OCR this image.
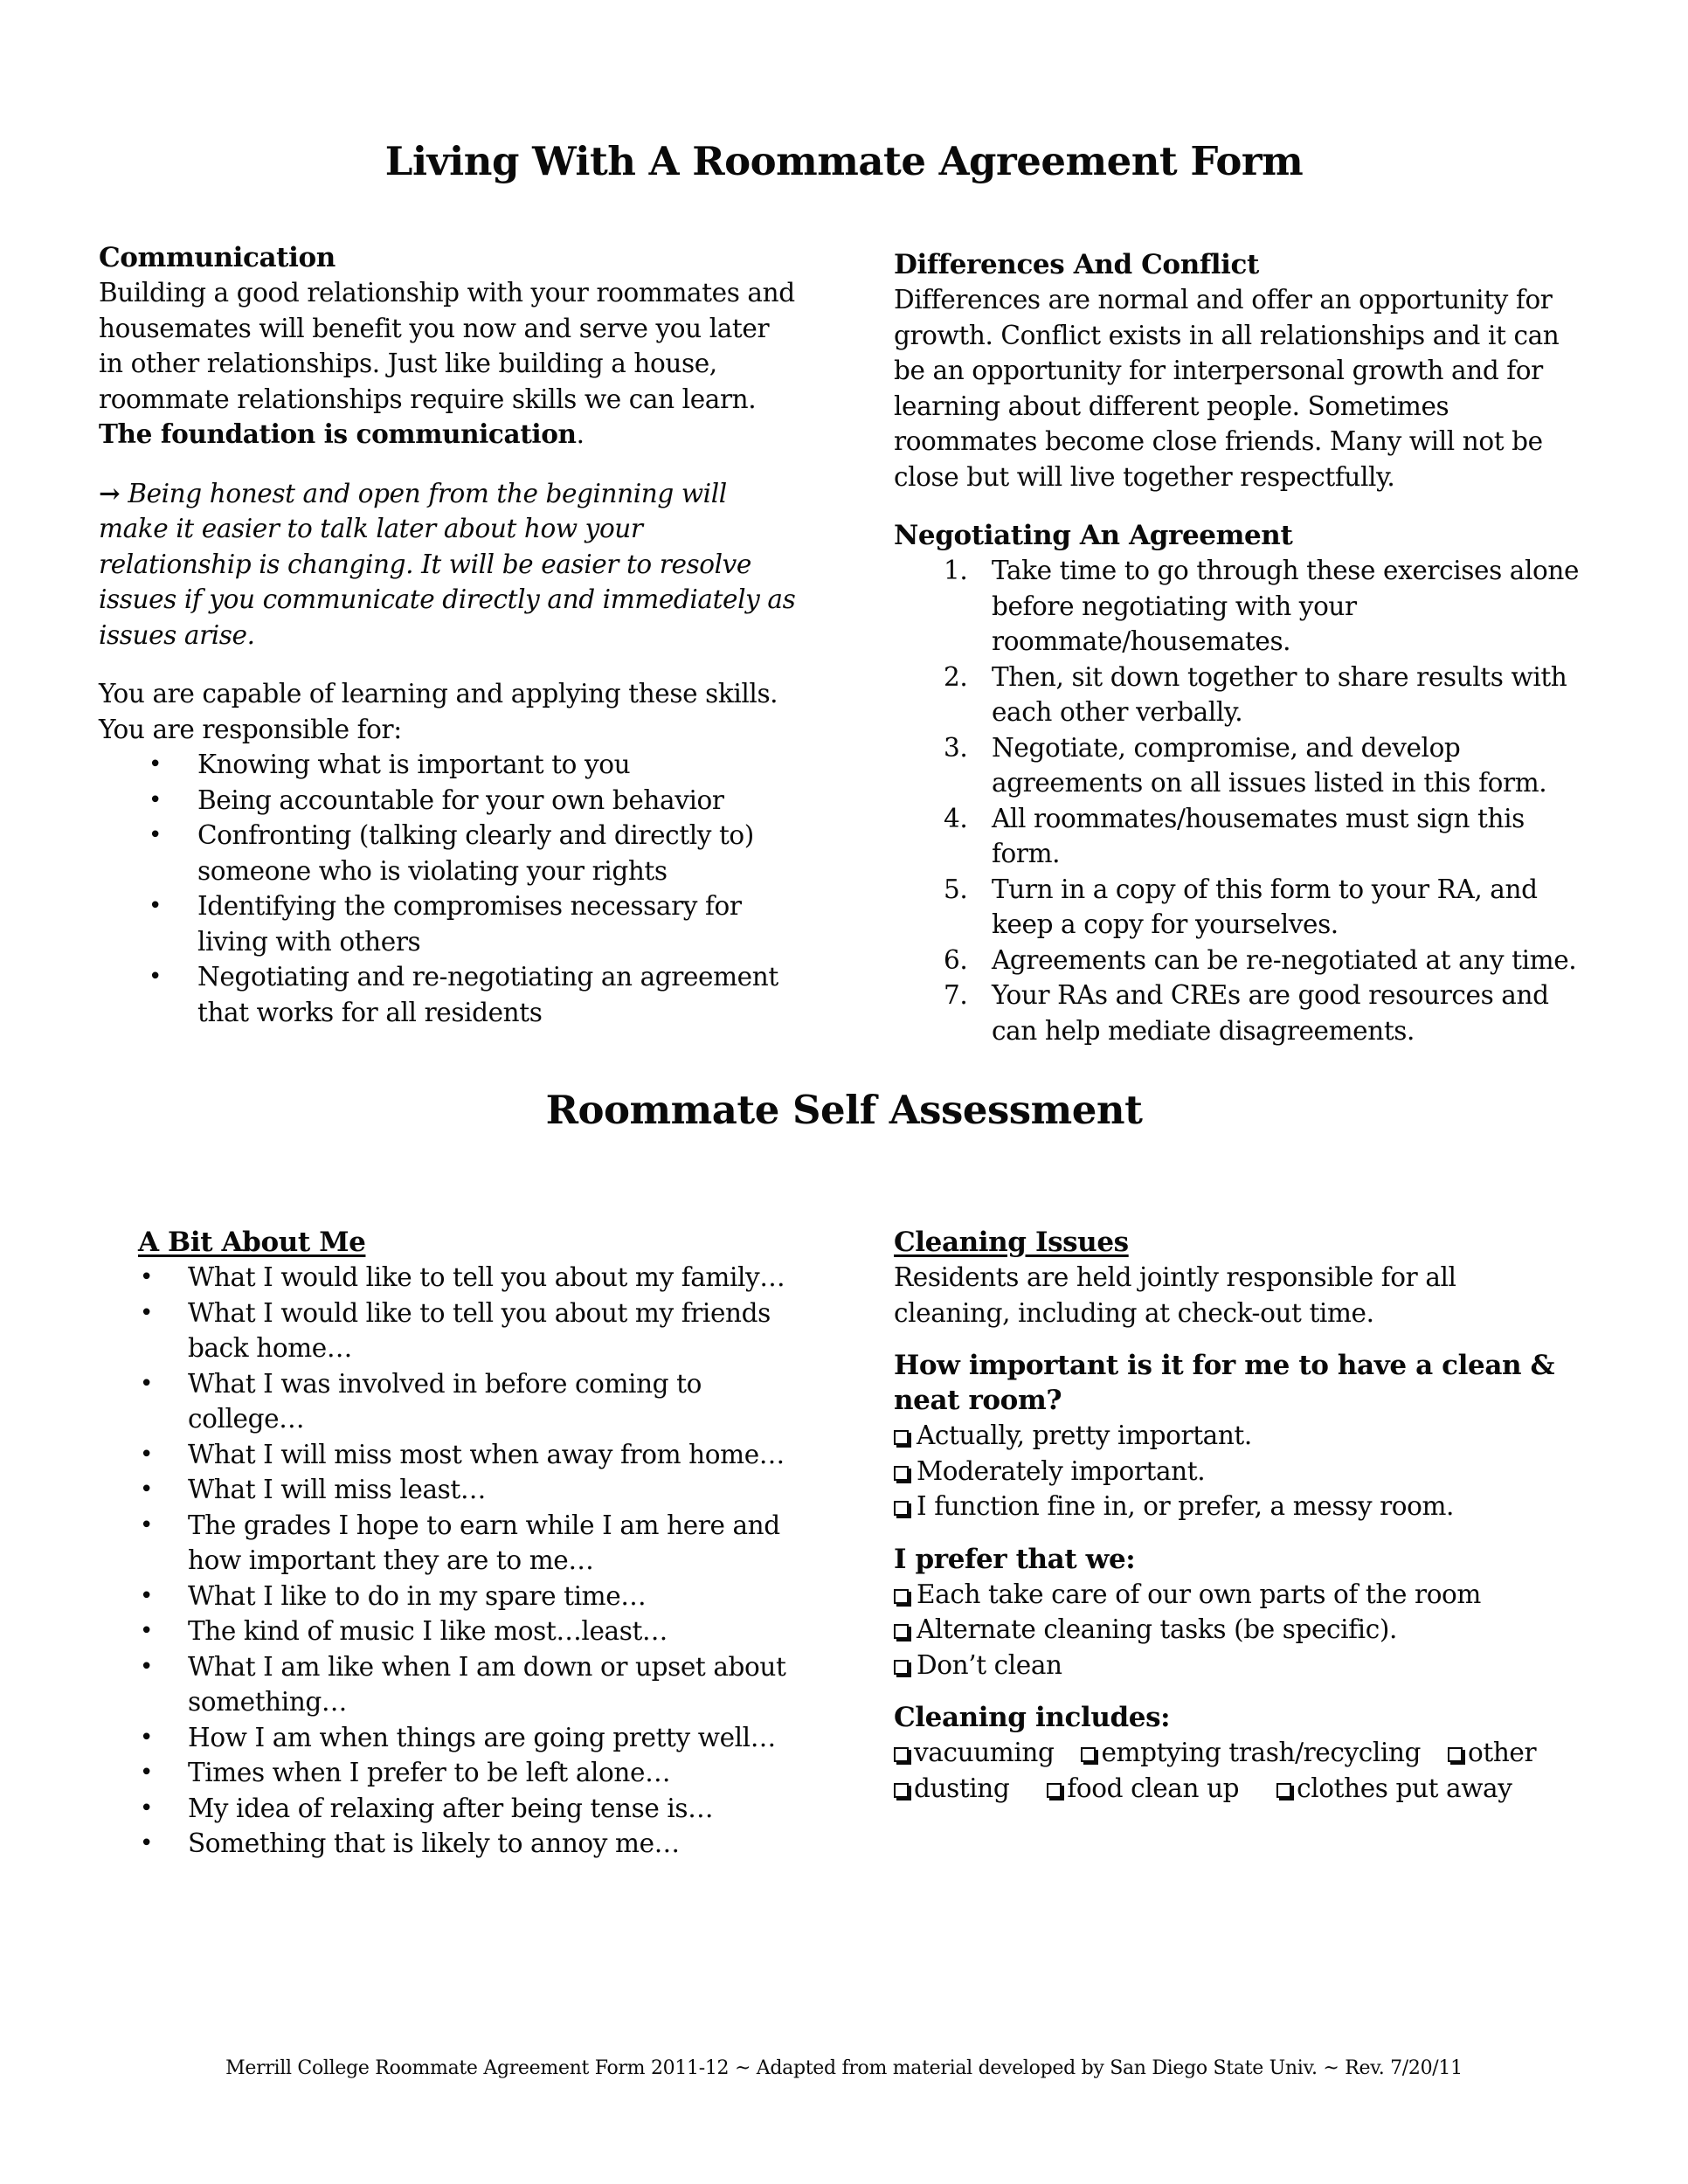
Living With A Roommate Agreement Form
Communication

Building a good relationship with your roommates and housemates will benefit you now and serve you later in other relationships. Just like building a house, roommate relationships require skills we can learn. The foundation is communication.

→ Being honest and open from the beginning will make it easier to talk later about how your relationship is changing. It will be easier to resolve issues if you communicate directly and immediately as issues arise.

You are capable of learning and applying these skills.

You are responsible for:

• Knowing what is important to you
• Being accountable for your own behavior
• Confronting (talking clearly and directly to) someone who is violating your rights
• Identifying the compromises necessary for living with others
• Negotiating and re-negotiating an agreement that works for all residents
Differences And Conflict

Differences are normal and offer an opportunity for growth. Conflict exists in all relationships and it can be an opportunity for interpersonal growth and for learning about different people. Sometimes roommates become close friends. Many will not be close but will live together respectfully.

Negotiating An Agreement
1. Take time to go through these exercises alone before negotiating with your roommate/housemates.
2. Then, sit down together to share results with each other verbally.
3. Negotiate, compromise, and develop agreements on all issues listed in this form.
4. All roommates/housemates must sign this form.
5. Turn in a copy of this form to your RA, and keep a copy for yourselves.
6. Agreements can be re-negotiated at any time.
7. Your RAs and CREs are good resources and can help mediate disagreements.
Roommate Self Assessment
A Bit About Me
• What I would like to tell you about my family…
• What I would like to tell you about my friends back home…
• What I was involved in before coming to college…
• What I will miss most when away from home…
• What I will miss least…
• The grades I hope to earn while I am here and how important they are to me…
• What I like to do in my spare time…
• The kind of music I like most…least…
• What I am like when I am down or upset about something…
• How I am when things are going pretty well…
• Times when I prefer to be left alone…
• My idea of relaxing after being tense is…
• Something that is likely to annoy me…
Cleaning Issues

Residents are held jointly responsible for all cleaning, including at check-out time.

How important is it for me to have a clean & neat room?
Actually, pretty important.
Moderately important.
I function fine in, or prefer, a messy room.
I prefer that we:
Each take care of our own parts of the room
Alternate cleaning tasks (be specific).
Don’t clean
Cleaning includes:
vacuuming emptying trash/recycling other
dusting food clean up clothes put away
Merrill College Roommate Agreement Form 2011-12 ~ Adapted from material developed by San Diego State Univ. ~ Rev. 7/20/11
